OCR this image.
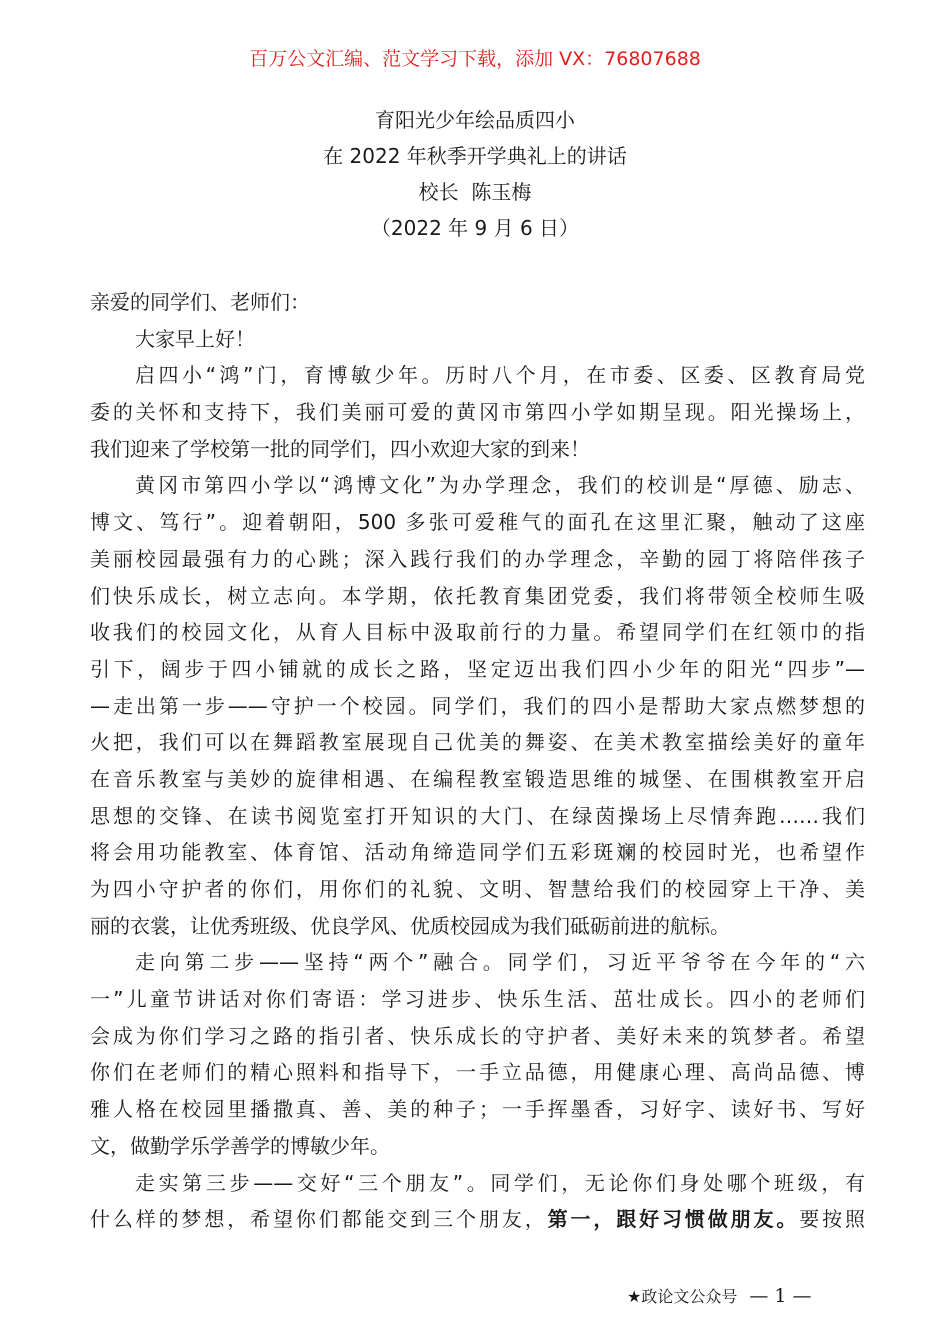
百万公文汇编、范文学习下载，添加 VX：76807688
育阳光少年绘品质四小
在 2022 年秋季开学典礼上的讲话
校长  陈玉梅
（2022 年 9 月 6 日）
亲爱的同学们、老师们：
大家早上好！
启四小“鸿”门，育博敏少年。历时八个月，在市委、区委、区教育局党
委的关怀和支持下，我们美丽可爱的黄冈市第四小学如期呈现。阳光操场上，
我们迎来了学校第一批的同学们，四小欢迎大家的到来！
黄冈市第四小学以“鸿博文化”为办学理念，我们的校训是“厚德、励志、
博文、笃行”。迎着朝阳，500 多张可爱稚气的面孔在这里汇聚，触动了这座
美丽校园最强有力的心跳；深入践行我们的办学理念，辛勤的园丁将陪伴孩子
们快乐成长，树立志向。本学期，依托教育集团党委，我们将带领全校师生吸
收我们的校园文化，从育人目标中汲取前行的力量。希望同学们在红领巾的指
引下，阔步于四小铺就的成长之路，坚定迈出我们四小少年的阳光“四步”—
—走出第一步——守护一个校园。同学们，我们的四小是帮助大家点燃梦想的
火把，我们可以在舞蹈教室展现自己优美的舞姿、在美术教室描绘美好的童年
在音乐教室与美妙的旋律相遇、在编程教室锻造思维的城堡、在围棋教室开启
思想的交锋、在读书阅览室打开知识的大门、在绿茵操场上尽情奔跑……我们
将会用功能教室、体育馆、活动角缔造同学们五彩斑斓的校园时光，也希望作
为四小守护者的你们，用你们的礼貌、文明、智慧给我们的校园穿上干净、美
丽的衣裳，让优秀班级、优良学风、优质校园成为我们砥砺前进的航标。
走向第二步——坚持“两个”融合。同学们，习近平爷爷在今年的“六
一”儿童节讲话对你们寄语：学习进步、快乐生活、茁壮成长。四小的老师们
会成为你们学习之路的指引者、快乐成长的守护者、美好未来的筑梦者。希望
你们在老师们的精心照料和指导下，一手立品德，用健康心理、高尚品德、博
雅人格在校园里播撒真、善、美的种子；一手挥墨香，习好字、读好书、写好
文，做勤学乐学善学的博敏少年。
走实第三步——交好“三个朋友”。同学们，无论你们身处哪个班级，有
什么样的梦想，希望你们都能交到三个朋友，第一，跟好习惯做朋友。要按照
★政论文公众号 — 1 —
